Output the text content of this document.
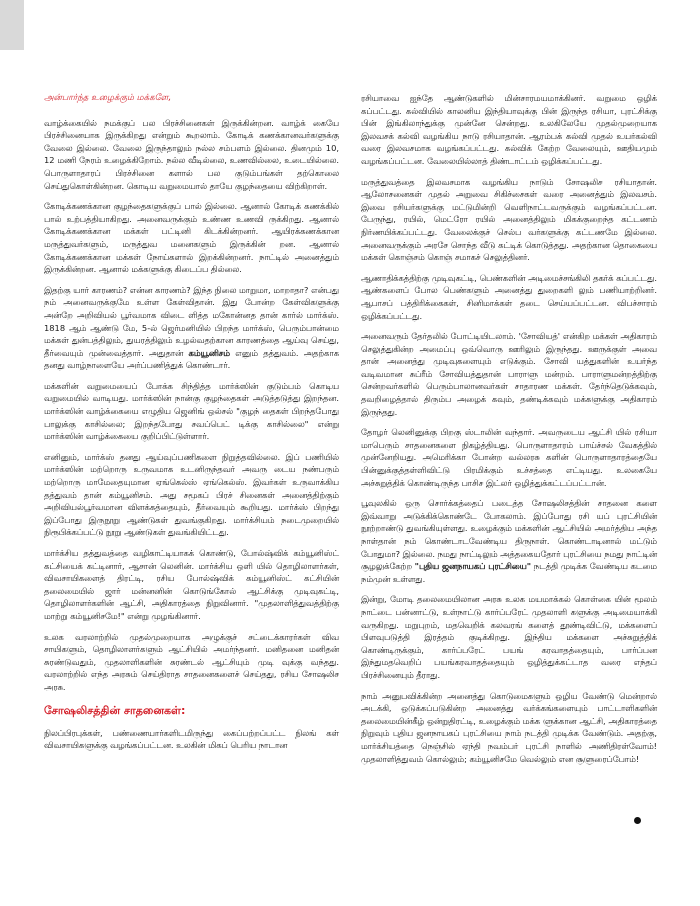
அன்பார்ந்த உழைக்கும் மக்களே,

வாழ்க்கையில் நமக்குப் பல பிரச்சினைகள் இருக்கின்றன. வாழ்க் கையே பிரச்சினையாக இருக்கிறது என்றும் கூறலாம். கோடிக் கணக்கானவர்களுக்கு வேலை இல்லை. வேலை இருந்தாலும் நல்ல சம்பளம் இல்லை. தினமும் 10, 12 மணி நேரம் உழைக்கிறோம். நல்ல வீடில்லை, உணவில்லை, உடையில்லை. பொருளாதாரப் பிரச்சினை களால் பல குடும்பங்கள் தற்கொலை செய்துகொள்கின்றன. கொடிய வறுமையால் தாயே குழந்தையை விற்கிறாள்.

கோடிக்கணக்கான குழந்தைகளுக்குப் பால் இல்லை. ஆனால் கோடிக் கணக்கில் பால் உற்பத்தியாகிறது. அனைவருக்கும் உண்ண உணவி ருக்கிறது. ஆனால் கோடிக்கணக்கான மக்கள் பட்டினி கிடக்கின்றனர். ஆயிரக்கணக்கான மருத்துவர்களும், மருத்துவ மனைகளும் இருக்கின் றன. ஆனால் கோடிக்கணக்கான மக்கள் நோய்களால் இறக்கின்றனர். நாட்டில் அனைத்தும் இருக்கின்றன. ஆனால் மக்களுக்கு கிடைப்ப தில்லை.

இதற்கு யார் காரணம்? என்ன காரணம்? இந்த நிலை மாறுமா, மாறாதா? என்பது நம் அனைவருக்குமே உள்ள கேள்விதான். இது போன்ற கேள்விகளுக்கு அன்றே அறிவியல் பூர்வமாக விடை ளித்த மகோன்னத தான் கார்ல் மார்க்ஸ். 1818 ஆம் ஆண்டு மே, 5-ல் ஜெர்மனியில் பிறந்த மார்க்ஸ், பெரும்பான்மை மக்கள் துன்பத்திலும், துயரத்திலும் உழல்வதற்கான காரணத்தை ஆய்வு செய்து, தீர்வையும் முன்வைத்தார். அதுதான் கம்யூனிசம் எனும் தத்துவம். அதற்காக தனது வாழ்நாளையே அர்ப்பணித்துக் கொண்டார்.

மக்களின் வறுமையைப் போக்க சிந்தித்த மார்க்ஸின் குடும்பம் கொடிய வறுமையில் வாடியது. மார்க்ஸின் நான்கு குழந்தைகள் அடுத்தடுத்து இறந்தன. மார்க்ஸின் வாழ்க்கையை எழுதிய ஜெனிங் ஒல்சல் "குழந் தைகள் பிறந்தபோது பாலுக்கு காசில்லை; இறந்தபோது சவப்பெட் டிக்கு காசில்லை" என்று மார்க்ஸின் வாழ்க்கையை குறிப்பிட்டுள்ளார்.

எனினும், மார்க்ஸ் தனது ஆய்வுப்பணிகளை நிறுத்தவில்லை. இப் பணியில் மார்க்ஸின் மற்றொரு உருவமாக உடனிருந்தவர் அவரு டைய நண்பரும் மற்றொரு மாமேதையுமான ஏங்கெல்ஸ் ஏங்கெல்ஸ். இவர்கள் உருவாக்கிய தத்துவம் தான் கம்யூனிசம். அது சமூகப் பிரச் சினைகள் அனைத்திற்கும் அறிவியல்பூர்வமான விளக்கத்தையும், தீர்வையும் கூறியது. மார்க்ஸ் பிறந்து இப்போது இருநூறு ஆண்டுகள் துவங்குகிறது. மார்க்சியம் நடைமுறையில் நிரூபிக்கப்பட்டு நூறு ஆண்டுகள் துவங்கியிட்டது.

மார்க்சிய தத்துவத்தை வழிகாட்டியாகக் கொண்டு, போல்ஷ்விக் கம்யூனிஸ்ட் கட்சியைக் கட்டினார், ஆசான் லெனின். மார்க்சிய ஒளி யில் தொழிலாளர்கள், விவசாயிகளைத் திரட்டி, ரசிய போல்ஷ்விக் கம்யூனிஸ்ட் கட்சியின் தலைமையில் ஜார் மன்னனின் கொடுங்கோல் ஆட்சிக்கு முடிவுகட்டி, தொழிலாளர்களின் ஆட்சி, அதிகாரத்தை நிறுவினார். "முதலாளித்துவத்திற்கு மாற்று கம்யூனிசமே!" என்று முழங்கினார்.

உலக வரலாற்றில் முதல்முறையாக அழுக்குச் சட்டைக்காரர்கள் விவ சாயிகளும், தொழிலாளர்களும் ஆட்சியில் அமர்ந்தனர். மனிதனை மனிதன் சுரண்டுவதும், முதலாளிகளின் சுரண்டல் ஆட்சியும் முடி வுக்கு வந்தது. வரலாற்றில் எந்த அரசும் செய்திராத சாதனைகளைச் செய்தது, ரசிய சோஷலிச அரசு.

சோஷலிசத்தின் சாதனைகள்:

நிலப்பிரபுக்கள், பண்ணையார்களிடமிருந்து கைப்பற்றப்பட்ட நிலங் கள் விவசாயிகளுக்கு வழங்கப்பட்டன. உலகின் மிகப் பெரிய நாடான

ரசியாவை ஐந்தே ஆண்டுகளில் மின்சாரமயமாக்கினர். வறுமை ஒழிக் கப்பட்டது. கல்வியில் காலனிய இந்தியாவுக்கு பின் இருந்த ரசியா, புரட்சிக்கு பின் இங்கிலாந்துக்கு முன்னே சென்றது. உலகிலேயே முதல்முறையாக இலவசக் கல்வி வழங்கிய நாடு ரசியாதான். ஆரம்பக் கல்வி முதல் உயர்கல்வி வரை இலவசமாக வழங்கப்பட்டது. கல்விக் கேற்ற வேலையும், ஊதியமும் வழங்கப்பட்டன. வேலையில்லாத் திண்டாட்டம் ஒழிக்கப்பட்டது.

மருத்துவத்தை இலவசமாக வழங்கிய நாடும் சோஷலிச ரசியாதான். ஆலோசனைகள் முதல் அறுவை சிகிச்சைகள் வரை அனைத்தும் இலவசம். இவை ரசியர்களுக்கு மட்டுமின்றி வெளிநாட்டவருக்கும் வழங்கப்பட்டன. பேருந்து, ரயில், மெட்ரோ ரயில் அனைத்திலும் மிகக்குறைந்த கட்டணம் நிர்ணயிக்கப்பட்டது. வேலைக்குச் செல்ப வர்களுக்கு கட்டணமே இல்லை. அனைவருக்கும் அரசே சொந்த வீடு கட்டிக் கொடுத்தது. அதற்கான தொகையை மக்கள் கொஞ்சம் கொஞ் சமாகச் செலுத்தினர்.

ஆணாதிக்கத்திற்கு முடிவுகட்டி, பெண்களின் அடிமைச்சங்கிலி தகர்க் கப்பட்டது. ஆண்களைப் போல பெண்களும் அனைத்து துறைகளி லும் பணியாற்றினர். ஆபாசப் பத்திரிக்கைகள், சினிமாக்கள் தடை செய்யப்பட்டன. விபச்சாரம் ஒழிக்கப்பட்டது.

அனைவரும் தேர்தலில் போட்டியிடலாம். 'சோவியத்' என்கிற மக்கள் அதிகாரம் செலுத்துகின்ற அமைப்பு ஒவ்வொரு ஊரிலும் இருந்தது. ஊருக்குள் அவை தான் அனைத்து முடிவுகளையும் எடுக்கும். சோவி யத்துகளின் உயர்ந்த வடிவமான சுப்ரீம் சோவியத்துதான் பாராளு மன்றம். பாராளுமன்றத்திற்கு சென்றவர்களில் பெரும்பாலானவர்கள் சாதாரண மக்கள். தேர்ந்தெடுக்கவும், தவறிழைத்தால் திரும்ப அழைக் கவும், தண்டிக்கவும் மக்களுக்கு அதிகாரம் இருந்தது.

தோழர் லெனினுக்கு பிறகு ஸ்டாலின் வந்தார். அவருடைய ஆட்சி யில் ரசியா மாபெரும் சாதனைகளை நிகழ்த்தியது. பொருளாதாரம் பாய்ச்சல் வேகத்தில் முன்னேறியது. அமெரிக்கா போன்ற வல்லரசு களின் பொருளாதாரத்தையே பின்னுக்குத்தள்ளிவிட்டு பிரமிக்கும் உச்சத்தை எட்டியது. உலகையே அச்சுறுத்திக் கொண்டிருந்த பாசிச இட்லர் ஒழித்துக்கட்டப்பட்டான்.

பூவுலகில் ஒரு சொர்க்கத்தைப் படைத்த சோஷலிசத்தின் சாதனை களை இவ்வாறு அடுக்கிக்கொண்டே போகலாம். இப்போது ரசி யப் புரட்சியின் நூற்றாண்டு துவங்கியுள்ளது. உழைக்கும் மக்களின் ஆட்சியில் அமர்த்திய அந்த நாள்தான் நம் கொண்டாடவேண்டிய திருநாள். கொண்டாடினால் மட்டும் போதுமா? இல்லை. நமது நாட்டிலும் அத்தகையதோர் புரட்சியை நமது நாட்டின் சூழலுக்கேற்ற "புதிய ஜனநாயகப் புரட்சியை" நடத்தி முடிக்க வேண்டிய கடமை நம்முன் உள்ளது.

இன்று, மோடி தலைமையிலான அரசு உலக மயமாக்கல் கொள்கை யின் மூலம் நாட்டை பன்னாட்டு, உள்நாட்டு கார்ப்பரேட் முதலாளி களுக்கு அடிமையாக்கி வருகிறது. மறுபுறம், மதவெறிக் கலவரங் களைத் தூண்டிவிட்டு, மக்களைப் பிளவுபடுத்தி இரத்தம் குடிக்கிறது. இந்திய மக்களை அச்சுறுத்திக் கொண்டிருக்கும், கார்ப்பரேட் பயங் கரவாதத்தையும், பார்ப்பன இந்துமதவெறிப் பயங்கரவாதத்தையும் ஒழித்துக்கட்டாத வரை எந்தப் பிரச்சினையும் தீராது.

நாம் அனுபவிக்கின்ற அனைத்து கொடுமைகளும் ஒழிய வேண்டு மென்றால் அடக்கி, ஒடுக்கப்படுகின்ற அனைத்து வர்க்கங்களையும் பாட்டாளிகளின் தலைமையின்கீழ் ஒன்றுதிரட்டி, உழைக்கும் மக்க ளுக்கான ஆட்சி, அதிகாரத்தை நிறுவும் புதிய ஜனநாயகப் புரட்சியை நாம் நடத்தி முடிக்க வேண்டும். அதற்கு, மார்க்சியத்தை நெஞ்சில் ஏந்தி நவம்பர் புரட்சி நாளில் அணிதிரள்வோம்! முதலாளித்துவம் கொல்லும்; கம்யூனிசமே வெல்லும் என சூளுரைப்போம்!
